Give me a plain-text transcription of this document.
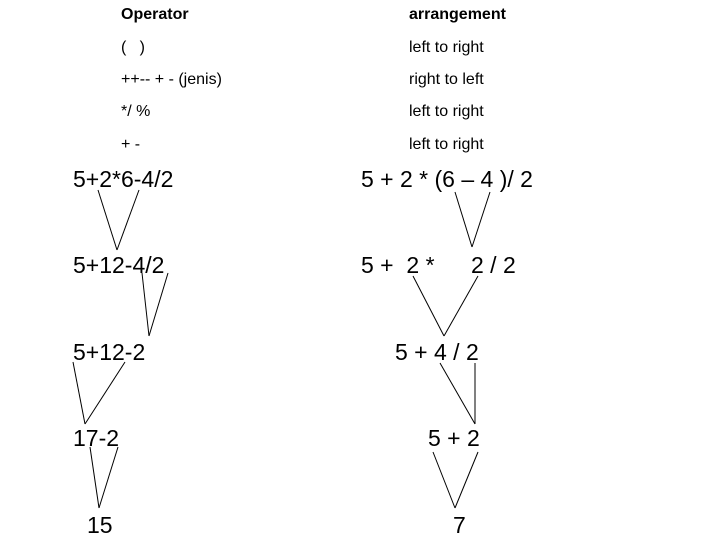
Operator	arrangement
(   )	left to right
++-- + - (jenis)	right to left
*/ %	left to right
+ -	left to right
5+2*6-4/2
5+12-4/2
5+12-2
17-2
15
5 + 2 * (6 – 4 )/ 2
5 +  2 * 2 / 2
5 + 4 / 2
5 + 2
7
